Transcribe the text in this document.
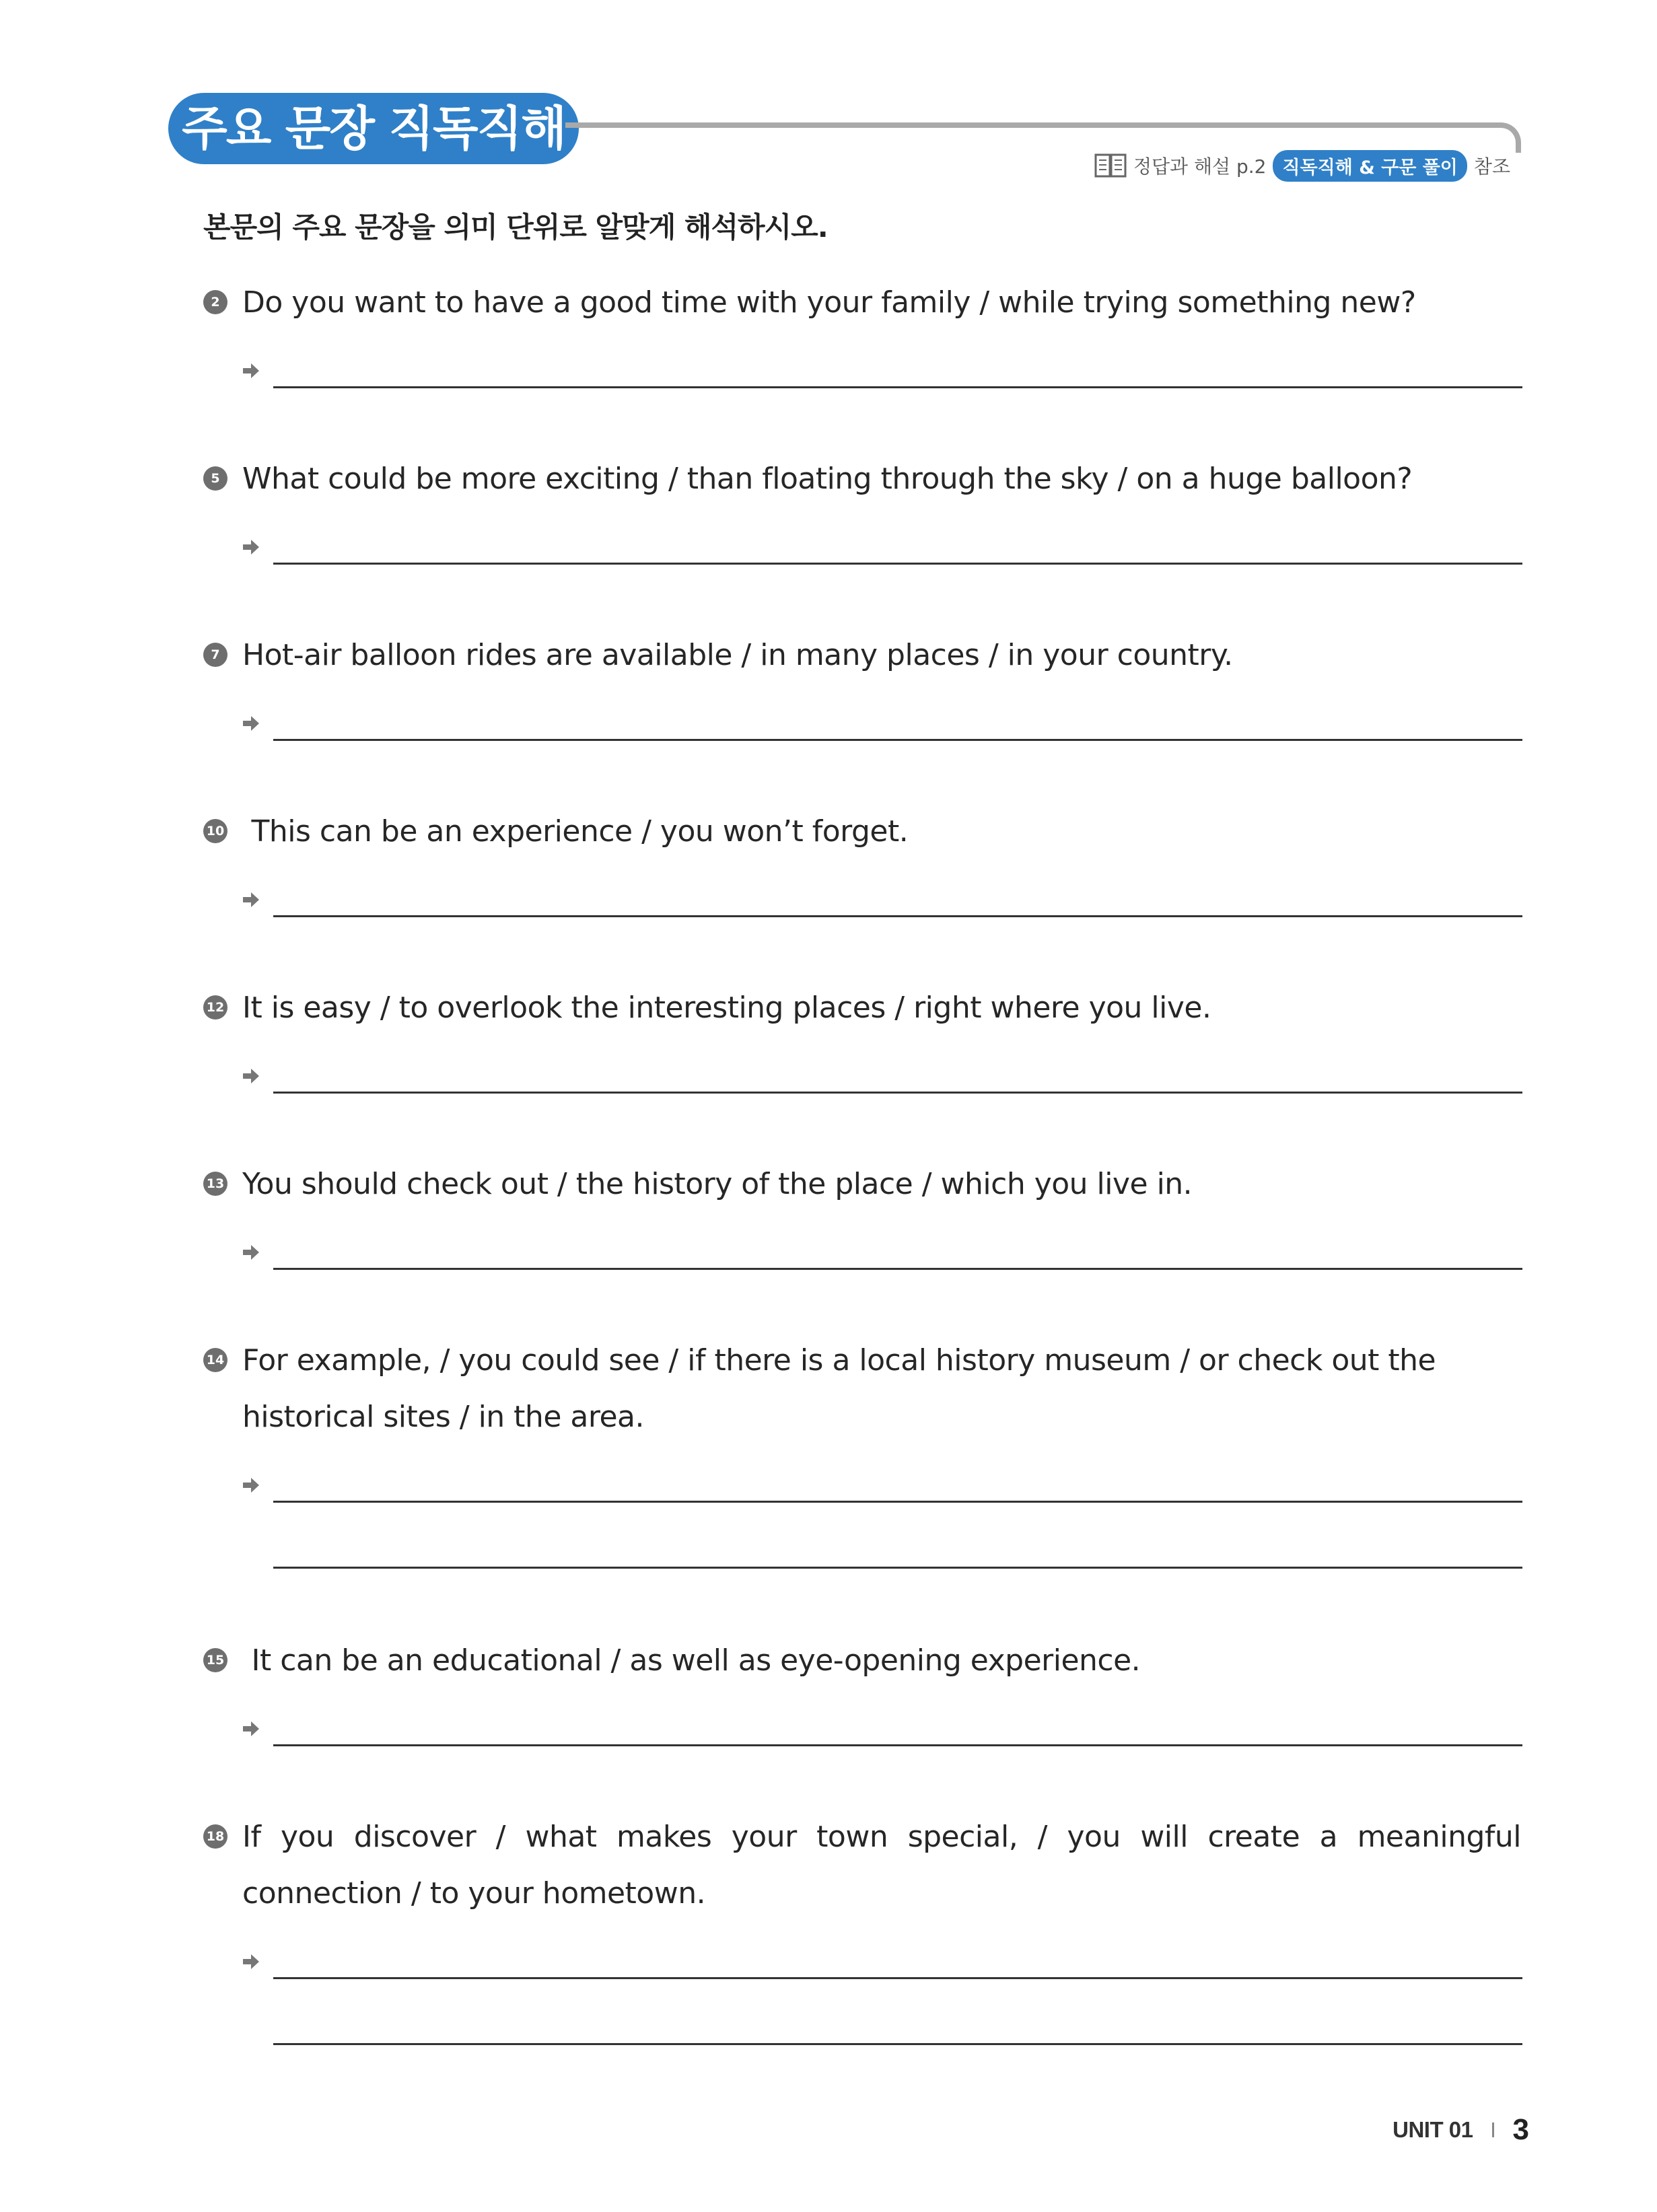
주요 문장 직독직해
정답과 해설 p.2 직독직해 & 구문 풀이 참조
본문의 주요 문장을 의미 단위로 알맞게 해석하시오.
2 Do you want to have a good time with your family / while trying something new?
5 What could be more exciting / than floating through the sky / on a huge balloon?
7 Hot-air balloon rides are available / in many places / in your country.
10 This can be an experience / you won’t forget.
12 It is easy / to overlook the interesting places / right where you live.
13 You should check out / the history of the place / which you live in.
14 For example, / you could see / if there is a local history museum / or check out the historical sites / in the area.
15 It can be an educational / as well as eye-opening experience.
18 If you discover / what makes your town special, / you will create a meaningful connection / to your hometown.
UNIT 01 3
